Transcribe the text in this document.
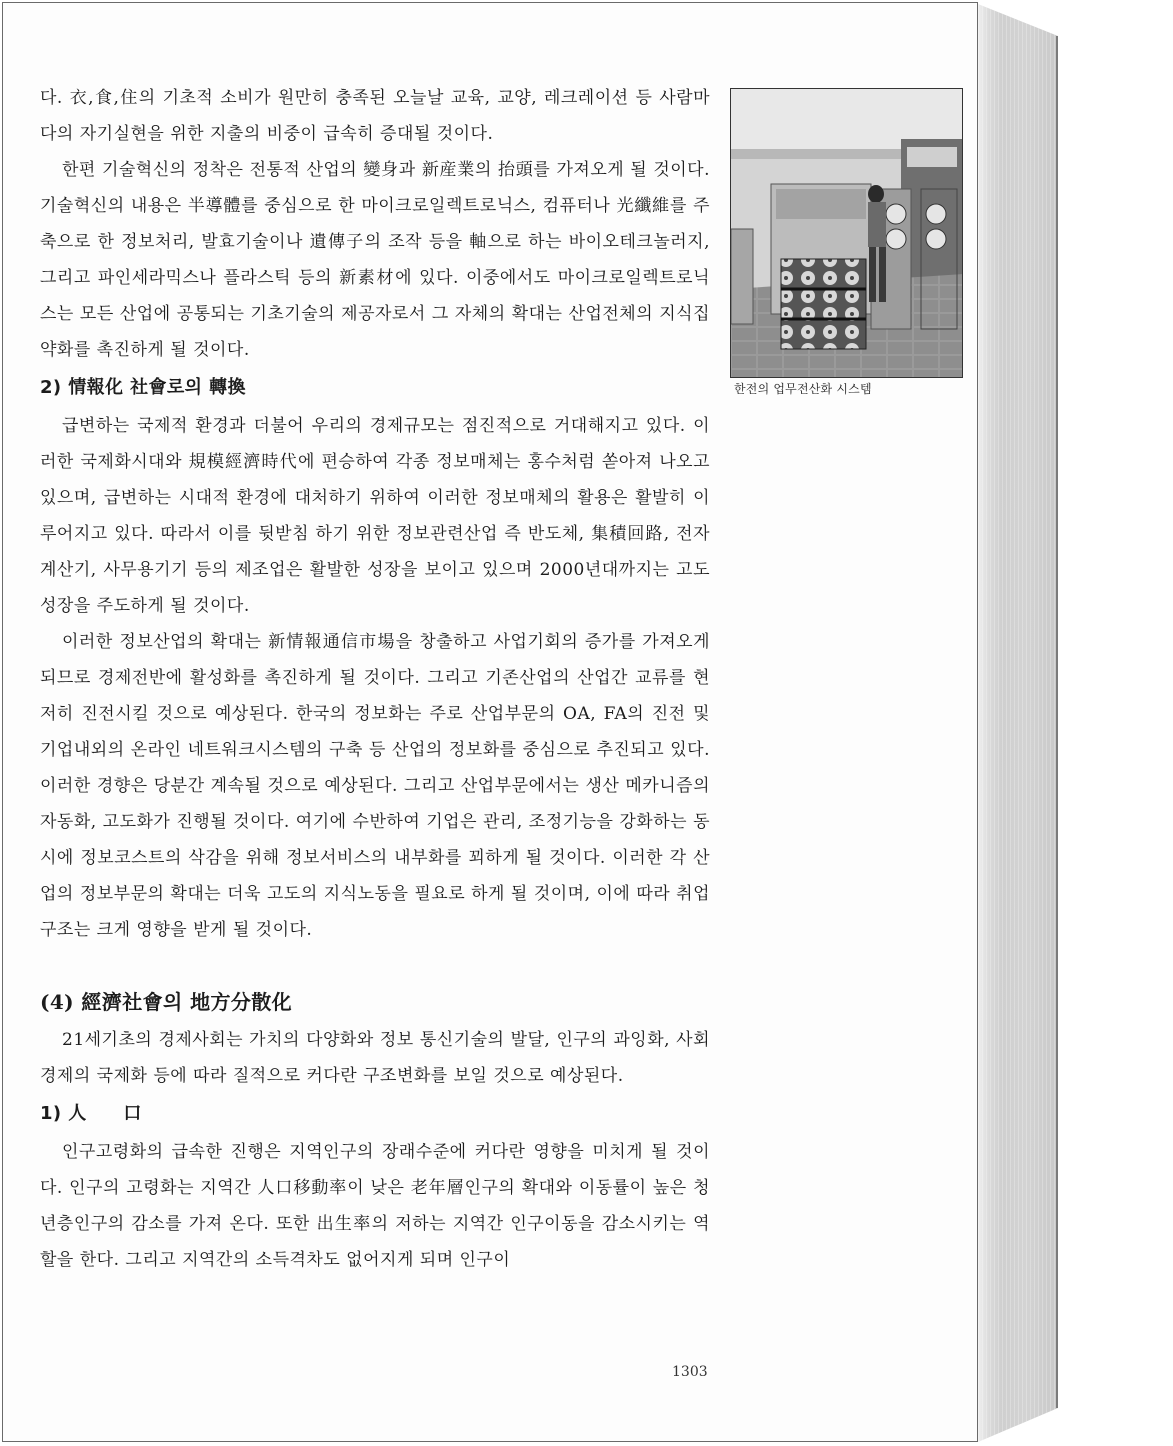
다. 衣,食,住의 기초적 소비가 원만히 충족된 오늘날 교육, 교양, 레크레이션 등 사람마다의 자기실현을 위한 지출의 비중이 급속히 증대될 것이다.

한편 기술혁신의 정착은 전통적 산업의 變身과 新産業의 抬頭를 가져오게 될 것이다. 기술혁신의 내용은 半導體를 중심으로 한 마이크로일렉트로닉스, 컴퓨터나 光纖維를 주축으로 한 정보처리, 발효기술이나 遺傳子의 조작 등을 軸으로 하는 바이오테크놀러지, 그리고 파인세라믹스나 플라스틱 등의 新素材에 있다. 이중에서도 마이크로일렉트로닉스는 모든 산업에 공통되는 기초기술의 제공자로서 그 자체의 확대는 산업전체의 지식집약화를 촉진하게 될 것이다.

2) 情報化 社會로의 轉換

급변하는 국제적 환경과 더불어 우리의 경제규모는 점진적으로 거대해지고 있다. 이러한 국제화시대와 規模經濟時代에 편승하여 각종 정보매체는 홍수처럼 쏟아져 나오고 있으며, 급변하는 시대적 환경에 대처하기 위하여 이러한 정보매체의 활용은 활발히 이루어지고 있다. 따라서 이를 뒷받침 하기 위한 정보관련산업 즉 반도체, 集積回路, 전자계산기, 사무용기기 등의 제조업은 활발한 성장을 보이고 있으며 2000년대까지는 고도성장을 주도하게 될 것이다.

이러한 정보산업의 확대는 新情報通信市場을 창출하고 사업기회의 증가를 가져오게 되므로 경제전반에 활성화를 촉진하게 될 것이다. 그리고 기존산업의 산업간 교류를 현저히 진전시킬 것으로 예상된다. 한국의 정보화는 주로 산업부문의 OA, FA의 진전 및 기업내외의 온라인 네트워크시스템의 구축 등 산업의 정보화를 중심으로 추진되고 있다. 이러한 경향은 당분간 계속될 것으로 예상된다. 그리고 산업부문에서는 생산 메카니즘의 자동화, 고도화가 진행될 것이다. 여기에 수반하여 기업은 관리, 조정기능을 강화하는 동시에 정보코스트의 삭감을 위해 정보서비스의 내부화를 꾀하게 될 것이다. 이러한 각 산업의 정보부문의 확대는 더욱 고도의 지식노동을 필요로 하게 될 것이며, 이에 따라 취업구조는 크게 영향을 받게 될 것이다.

(4) 經濟社會의 地方分散化

21세기초의 경제사회는 가치의 다양화와 정보 통신기술의 발달, 인구의 과잉화, 사회경제의 국제화 등에 따라 질적으로 커다란 구조변화를 보일 것으로 예상된다.

1) 人　　口

인구고령화의 급속한 진행은 지역인구의 장래수준에 커다란 영향을 미치게 될 것이다. 인구의 고령화는 지역간 人口移動率이 낮은 老年層인구의 확대와 이동률이 높은 청년층인구의 감소를 가져 온다. 또한 出生率의 저하는 지역간 인구이동을 감소시키는 역할을 한다. 그리고 지역간의 소득격차도 없어지게 되며 인구이

한전의 업무전산화 시스템
1303
